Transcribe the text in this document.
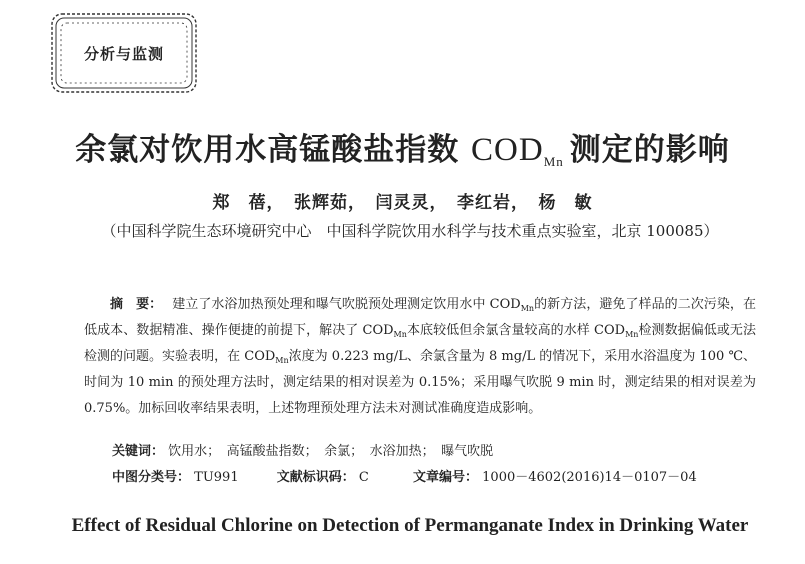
分析与监测
余氯对饮用水高锰酸盐指数 $COD_{Mn}$ 测定的影响
郑　蓓，　张辉茹，　闫灵灵，　李红岩，　杨　敏
（中国科学院生态环境研究中心　中国科学院饮用水科学与技术重点实验室，北京 100085）
摘　要： 建立了水浴加热预处理和曝气吹脱预处理测定饮用水中 $COD_{Mn}$的新方法，避免了样品的二次污染，在低成本、数据精准、操作便捷的前提下，解决了 $COD_{Mn}$本底较低但余氯含量较高的水样 $COD_{Mn}$检测数据偏低或无法检测的问题。实验表明，在 $COD_{Mn}$浓度为 0.223 mg/L、余氯含量为 8 mg/L 的情况下，采用水浴温度为 100 ℃、时间为 10 min 的预处理方法时，测定结果的相对误差为 0.15%；采用曝气吹脱 9 min 时，测定结果的相对误差为 0.75%。加标回收率结果表明，上述物理预处理方法未对测试准确度造成影响。
关键词： 饮用水；　高锰酸盐指数；　余氯；　水浴加热；　曝气吹脱
中图分类号： TU991	文献标识码： C	文章编号： 1000－4602(2016)14－0107－04
Effect of Residual Chlorine on Detection of Permanganate Index in Drinking Water
